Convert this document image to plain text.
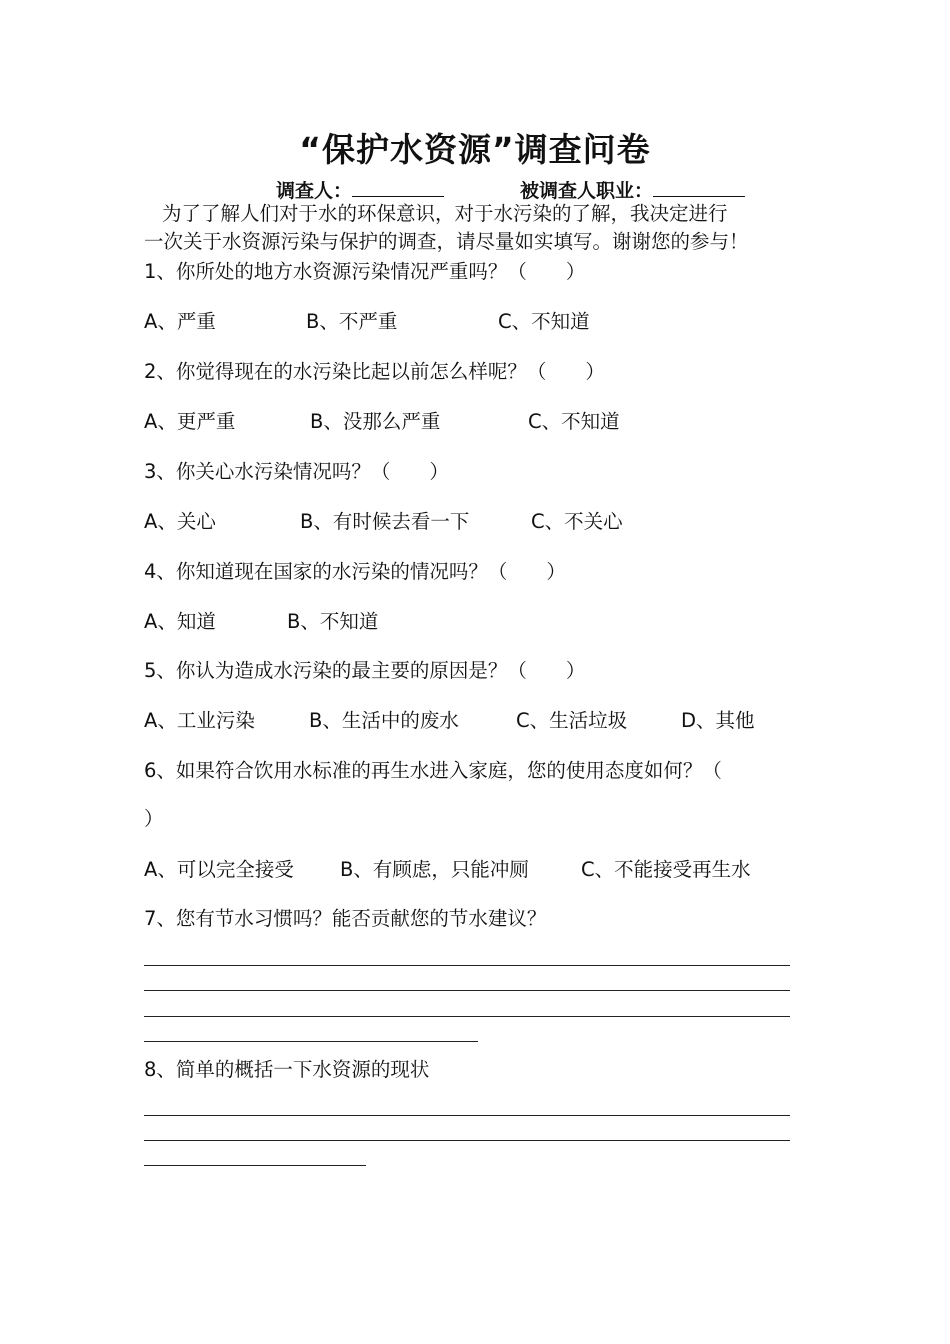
“保护水资源”调查问卷
调查人：	被调查人职业：
为了了解人们对于水的环保意识，对于水污染的了解，我决定进行
一次关于水资源污染与保护的调查，请尽量如实填写。谢谢您的参与！
1、你所处的地方水资源污染情况严重吗？（　　）
A、严重	B、不严重	C、不知道
2、你觉得现在的水污染比起以前怎么样呢？（　　）
A、更严重	B、没那么严重	C、不知道
3、你关心水污染情况吗？（　　）
A、关心	B、有时候去看一下	C、不关心
4、你知道现在国家的水污染的情况吗？（　　）
A、知道	B、不知道
5、你认为造成水污染的最主要的原因是？（　　）
A、工业污染	B、生活中的废水	C、生活垃圾	D、其他
6、如果符合饮用水标准的再生水进入家庭，您的使用态度如何？（
）
A、可以完全接受 B、有顾虑，只能冲厕	C、不能接受再生水
7、您有节水习惯吗？能否贡献您的节水建议？
8、简单的概括一下水资源的现状
